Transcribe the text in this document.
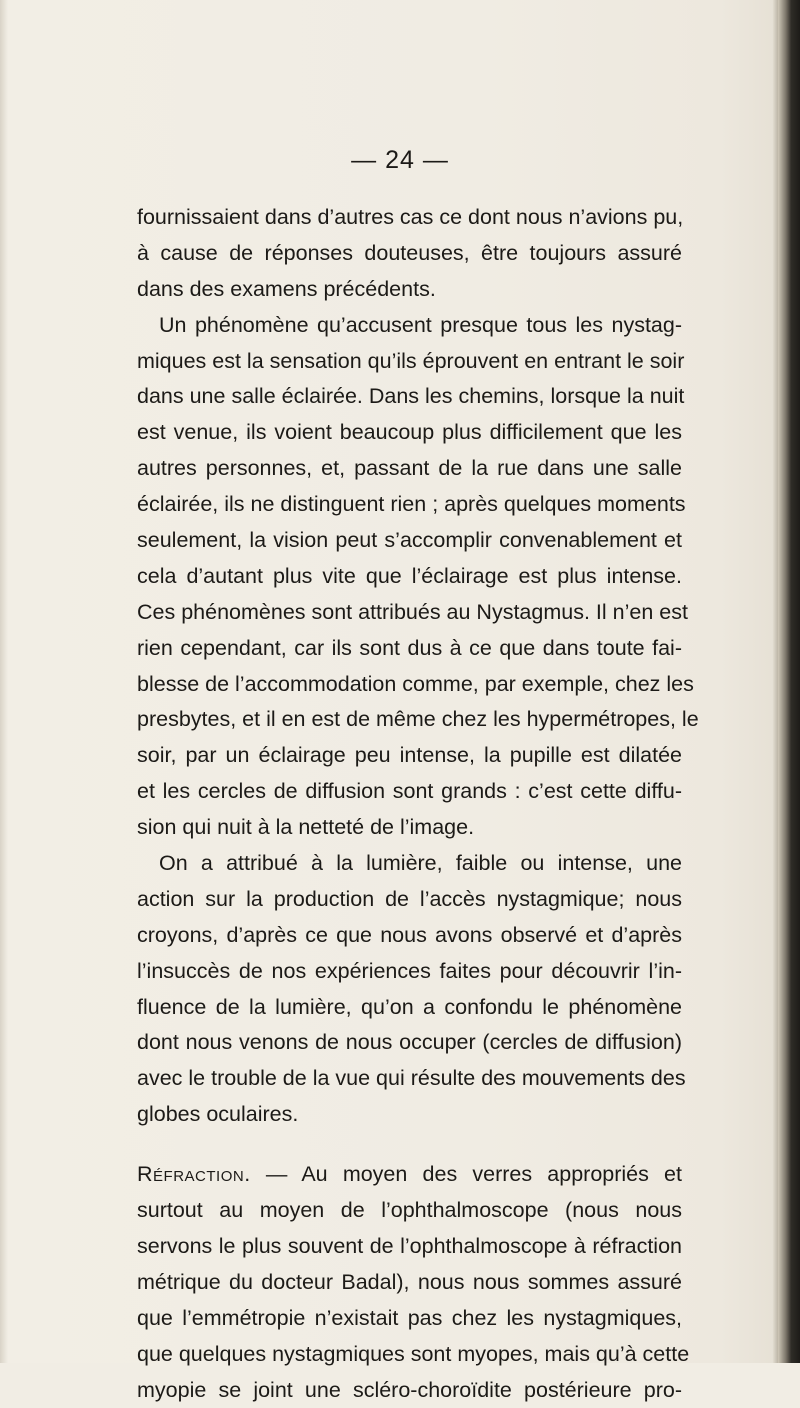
— 24 —
fournissaient dans d’autres cas ce dont nous n’avions pu,
à cause de réponses douteuses, être toujours assuré
dans des examens précédents.
Un phénomène qu’accusent presque tous les nystag-
miques est la sensation qu’ils éprouvent en entrant le soir
dans une salle éclairée. Dans les chemins, lorsque la nuit
est venue, ils voient beaucoup plus difficilement que les
autres personnes, et, passant de la rue dans une salle
éclairée, ils ne distinguent rien ; après quelques moments
seulement, la vision peut s’accomplir convenablement et
cela d’autant plus vite que l’éclairage est plus intense.
Ces phénomènes sont attribués au Nystagmus. Il n’en est
rien cependant, car ils sont dus à ce que dans toute fai-
blesse de l’accommodation comme, par exemple, chez les
presbytes, et il en est de même chez les hypermétropes, le
soir, par un éclairage peu intense, la pupille est dilatée
et les cercles de diffusion sont grands : c’est cette diffu-
sion qui nuit à la netteté de l’image.
On a attribué à la lumière, faible ou intense, une
action sur la production de l’accès nystagmique; nous
croyons, d’après ce que nous avons observé et d’après
l’insuccès de nos expériences faites pour découvrir l’in-
fluence de la lumière, qu’on a confondu le phénomène
dont nous venons de nous occuper (cercles de diffusion)
avec le trouble de la vue qui résulte des mouvements des
globes oculaires.
Réfraction. — Au moyen des verres appropriés et
surtout au moyen de l’ophthalmoscope (nous nous
servons le plus souvent de l’ophthalmoscope à réfraction
métrique du docteur Badal), nous nous sommes assuré
que l’emmétropie n’existait pas chez les nystagmiques,
que quelques nystagmiques sont myopes, mais qu’à cette
myopie se joint une scléro-choroïdite postérieure pro-
